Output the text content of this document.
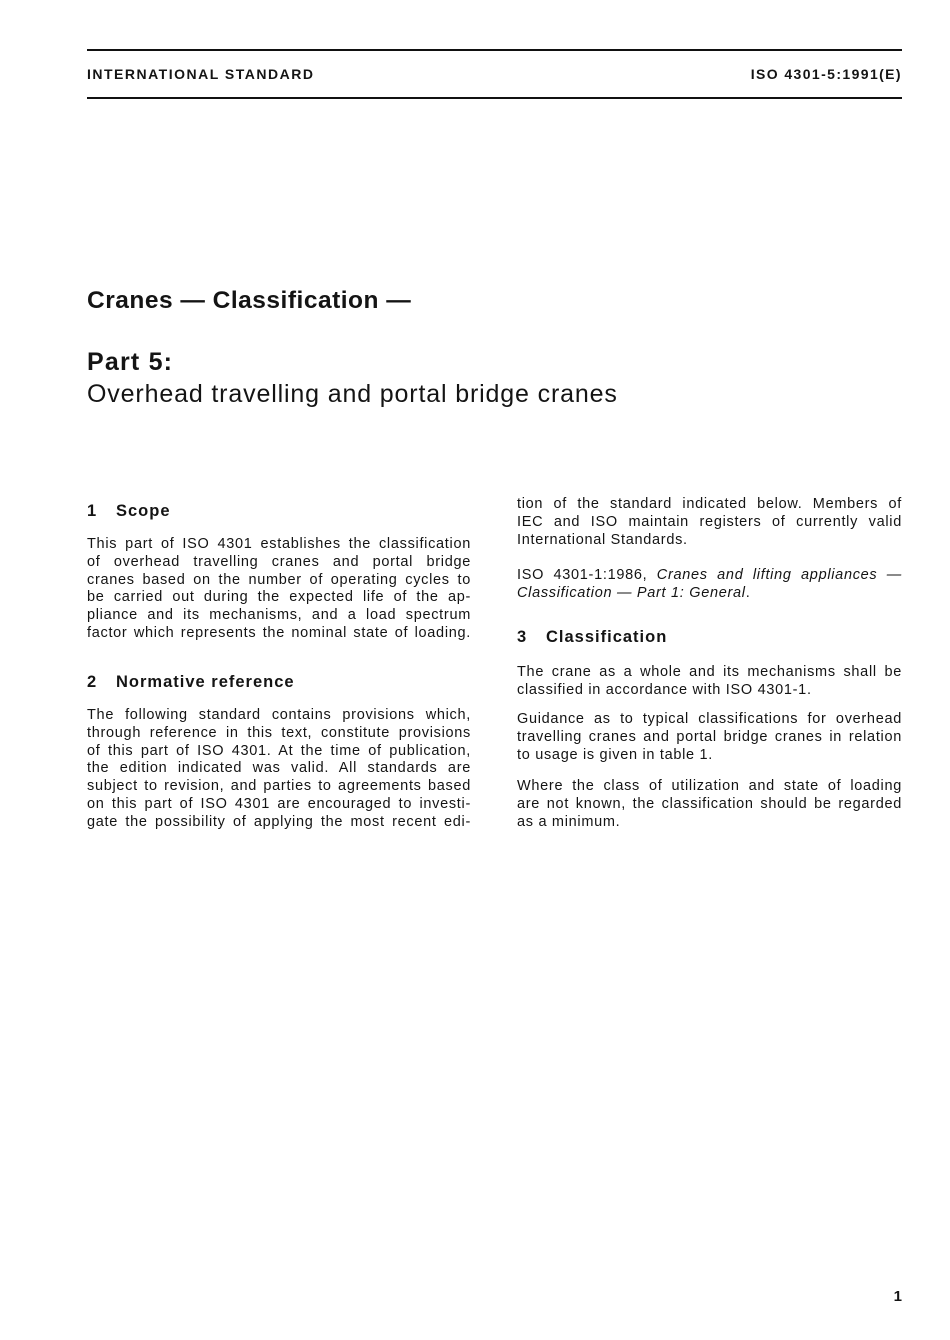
INTERNATIONAL STANDARD	ISO 4301-5:1991(E)
Cranes — Classification —
Part 5:
Overhead travelling and portal bridge cranes
1 Scope
This part of ISO 4301 establishes the classification
of overhead travelling cranes and portal bridge
cranes based on the number of operating cycles to
be carried out during the expected life of the ap-
pliance and its mechanisms, and a load spectrum
factor which represents the nominal state of loading.
2 Normative reference
The following standard contains provisions which,
through reference in this text, constitute provisions
of this part of ISO 4301. At the time of publication,
the edition indicated was valid. All standards are
subject to revision, and parties to agreements based
on this part of ISO 4301 are encouraged to investi-
gate the possibility of applying the most recent edi-
tion of the standard indicated below. Members of
IEC and ISO maintain registers of currently valid
International Standards.
ISO 4301-1:1986, Cranes and lifting appliances —
Classification — Part 1: General.
3 Classification
The crane as a whole and its mechanisms shall be
classified in accordance with ISO 4301-1.
Guidance as to typical classifications for overhead
travelling cranes and portal bridge cranes in relation
to usage is given in table 1.
Where the class of utilization and state of loading
are not known, the classification should be regarded
as a minimum.
1
